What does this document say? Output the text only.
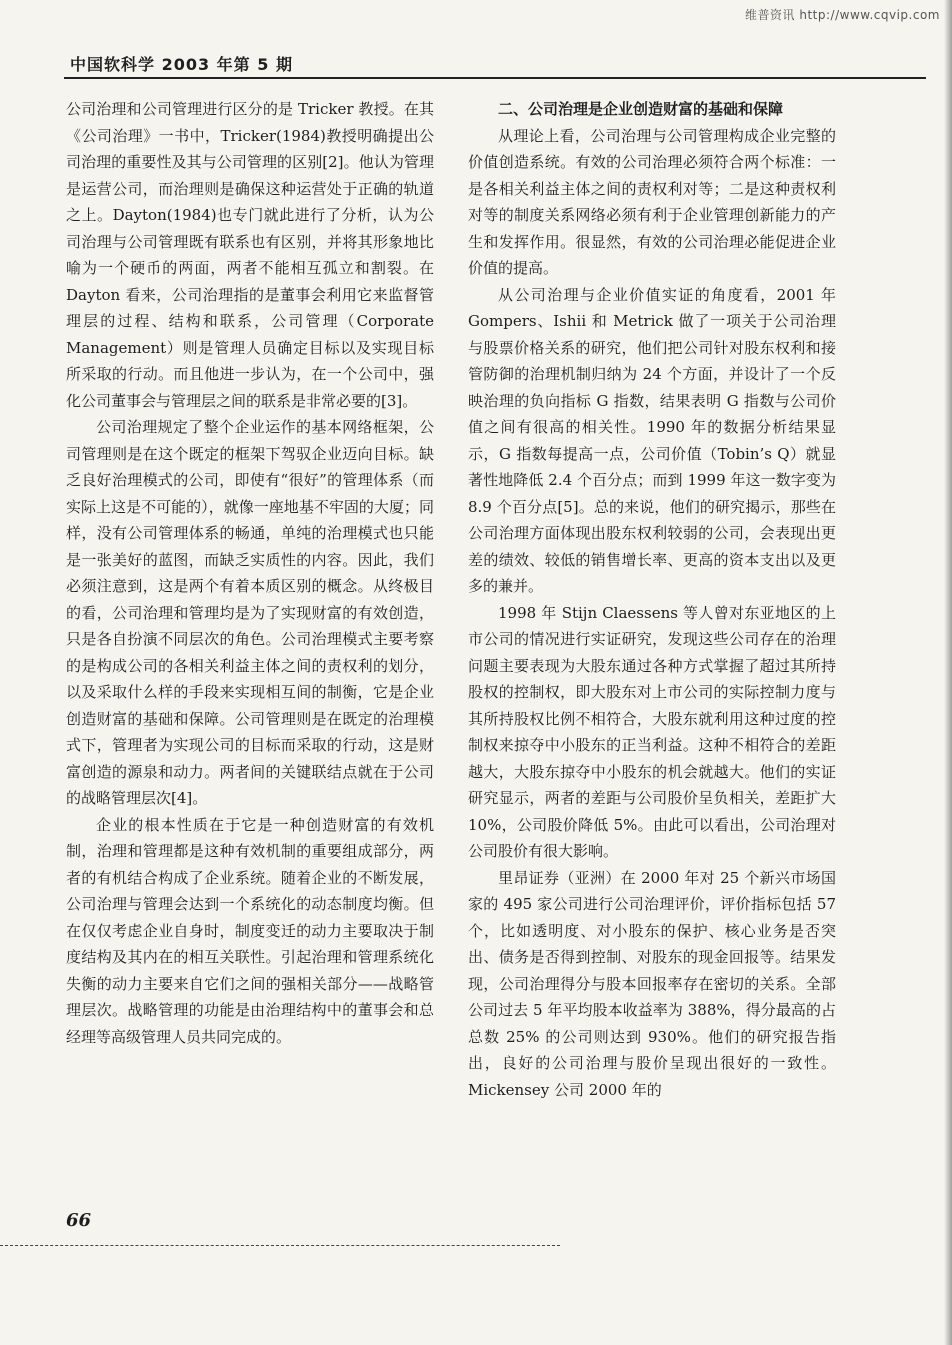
维普资讯 http://www.cqvip.com
中国软科学 2003 年第 5 期

公司治理和公司管理进行区分的是 Tricker 教授。在其《公司治理》一书中，Tricker(1984)教授明确提出公司治理的重要性及其与公司管理的区别[2]。他认为管理是运营公司，而治理则是确保这种运营处于正确的轨道之上。Dayton(1984)也专门就此进行了分析，认为公司治理与公司管理既有联系也有区别，并将其形象地比喻为一个硬币的两面，两者不能相互孤立和割裂。在 Dayton 看来，公司治理指的是董事会利用它来监督管理层的过程、结构和联系，公司管理（Corporate Management）则是管理人员确定目标以及实现目标所采取的行动。而且他进一步认为，在一个公司中，强化公司董事会与管理层之间的联系是非常必要的[3]。

公司治理规定了整个企业运作的基本网络框架，公司管理则是在这个既定的框架下驾驭企业迈向目标。缺乏良好治理模式的公司，即使有“很好”的管理体系（而实际上这是不可能的），就像一座地基不牢固的大厦；同样，没有公司管理体系的畅通，单纯的治理模式也只能是一张美好的蓝图，而缺乏实质性的内容。因此，我们必须注意到，这是两个有着本质区别的概念。从终极目的看，公司治理和管理均是为了实现财富的有效创造，只是各自扮演不同层次的角色。公司治理模式主要考察的是构成公司的各相关利益主体之间的责权利的划分，以及采取什么样的手段来实现相互间的制衡，它是企业创造财富的基础和保障。公司管理则是在既定的治理模式下，管理者为实现公司的目标而采取的行动，这是财富创造的源泉和动力。两者间的关键联结点就在于公司的战略管理层次[4]。

企业的根本性质在于它是一种创造财富的有效机制，治理和管理都是这种有效机制的重要组成部分，两者的有机结合构成了企业系统。随着企业的不断发展，公司治理与管理会达到一个系统化的动态制度均衡。但在仅仅考虑企业自身时，制度变迁的动力主要取决于制度结构及其内在的相互关联性。引起治理和管理系统化失衡的动力主要来自它们之间的强相关部分——战略管理层次。战略管理的功能是由治理结构中的董事会和总经理等高级管理人员共同完成的。

二、公司治理是企业创造财富的基础和保障

从理论上看，公司治理与公司管理构成企业完整的价值创造系统。有效的公司治理必须符合两个标准：一是各相关利益主体之间的责权利对等；二是这种责权利对等的制度关系网络必须有利于企业管理创新能力的产生和发挥作用。很显然，有效的公司治理必能促进企业价值的提高。

从公司治理与企业价值实证的角度看，2001 年 Gompers、Ishii 和 Metrick 做了一项关于公司治理与股票价格关系的研究，他们把公司针对股东权利和接管防御的治理机制归纳为 24 个方面，并设计了一个反映治理的负向指标 G 指数，结果表明 G 指数与公司价值之间有很高的相关性。1990 年的数据分析结果显示，G 指数每提高一点，公司价值（Tobin’s Q）就显著性地降低 2.4 个百分点；而到 1999 年这一数字变为 8.9 个百分点[5]。总的来说，他们的研究揭示，那些在公司治理方面体现出股东权利较弱的公司，会表现出更差的绩效、较低的销售增长率、更高的资本支出以及更多的兼并。

1998 年 Stijn Claessens 等人曾对东亚地区的上市公司的情况进行实证研究，发现这些公司存在的治理问题主要表现为大股东通过各种方式掌握了超过其所持股权的控制权，即大股东对上市公司的实际控制力度与其所持股权比例不相符合，大股东就利用这种过度的控制权来掠夺中小股东的正当利益。这种不相符合的差距越大，大股东掠夺中小股东的机会就越大。他们的实证研究显示，两者的差距与公司股价呈负相关，差距扩大 10%，公司股价降低 5%。由此可以看出，公司治理对公司股价有很大影响。

里昂证券（亚洲）在 2000 年对 25 个新兴市场国家的 495 家公司进行公司治理评价，评价指标包括 57 个，比如透明度、对小股东的保护、核心业务是否突出、债务是否得到控制、对股东的现金回报等。结果发现，公司治理得分与股本回报率存在密切的关系。全部公司过去 5 年平均股本收益率为 388%，得分最高的占总数 25% 的公司则达到 930%。他们的研究报告指出，良好的公司治理与股价呈现出很好的一致性。Mickensey 公司 2000 年的

66
